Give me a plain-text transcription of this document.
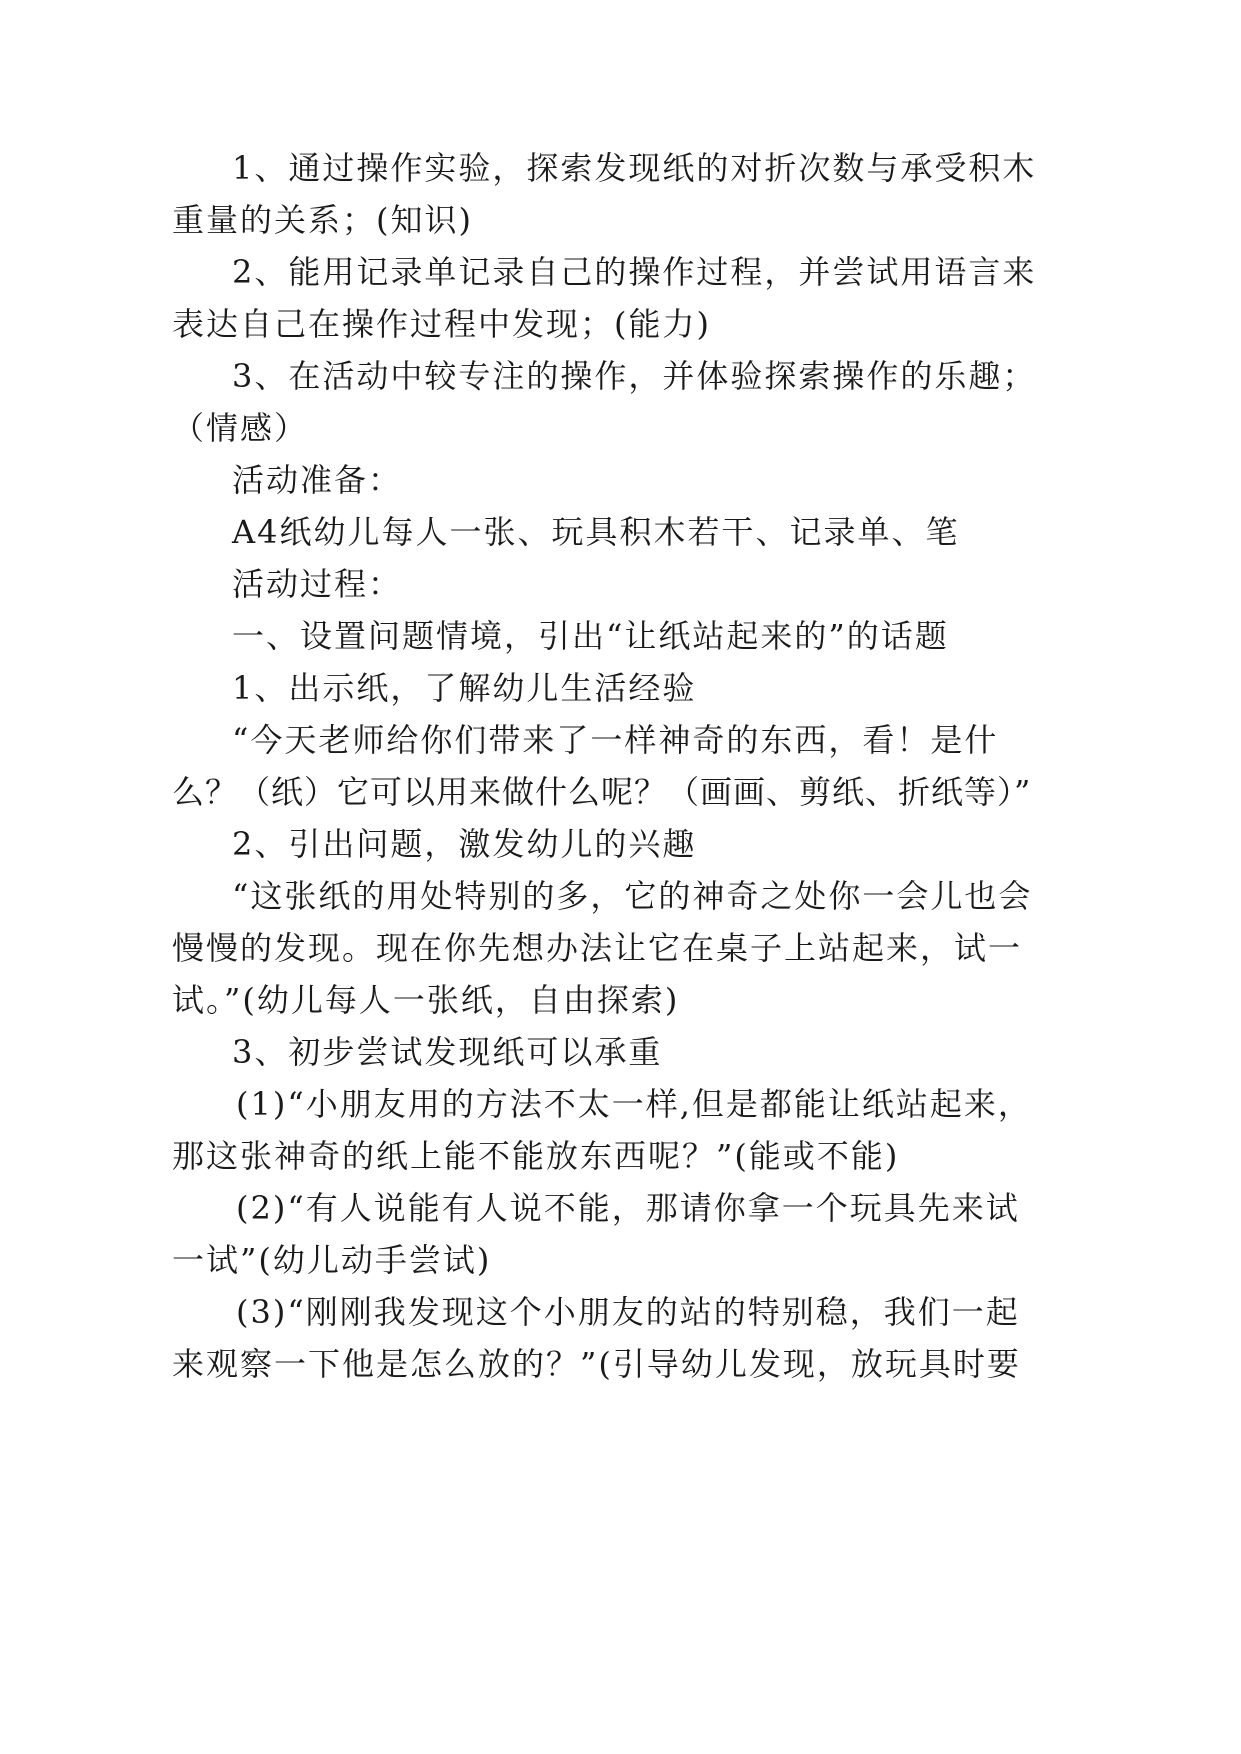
1、通过操作实验，探索发现纸的对折次数与承受积木
重量的关系；(知识)
2、能用记录单记录自己的操作过程，并尝试用语言来
表达自己在操作过程中发现；(能力)
3、在活动中较专注的操作，并体验探索操作的乐趣；
（情感）
活动准备：
A4纸幼儿每人一张、玩具积木若干、记录单、笔
活动过程：
一、设置问题情境，引出“让纸站起来的”的话题
1、出示纸，了解幼儿生活经验
“今天老师给你们带来了一样神奇的东西，看！是什
么？（纸）它可以用来做什么呢？（画画、剪纸、折纸等）”
2、引出问题，激发幼儿的兴趣
“这张纸的用处特别的多，它的神奇之处你一会儿也会
慢慢的发现。现在你先想办法让它在桌子上站起来，试一
试。”(幼儿每人一张纸，自由探索)
3、初步尝试发现纸可以承重
(1)“小朋友用的方法不太一样,但是都能让纸站起来，
那这张神奇的纸上能不能放东西呢？”(能或不能)
(2)“有人说能有人说不能，那请你拿一个玩具先来试
一试”(幼儿动手尝试)
(3)“刚刚我发现这个小朋友的站的特别稳，我们一起
来观察一下他是怎么放的？”(引导幼儿发现，放玩具时要
